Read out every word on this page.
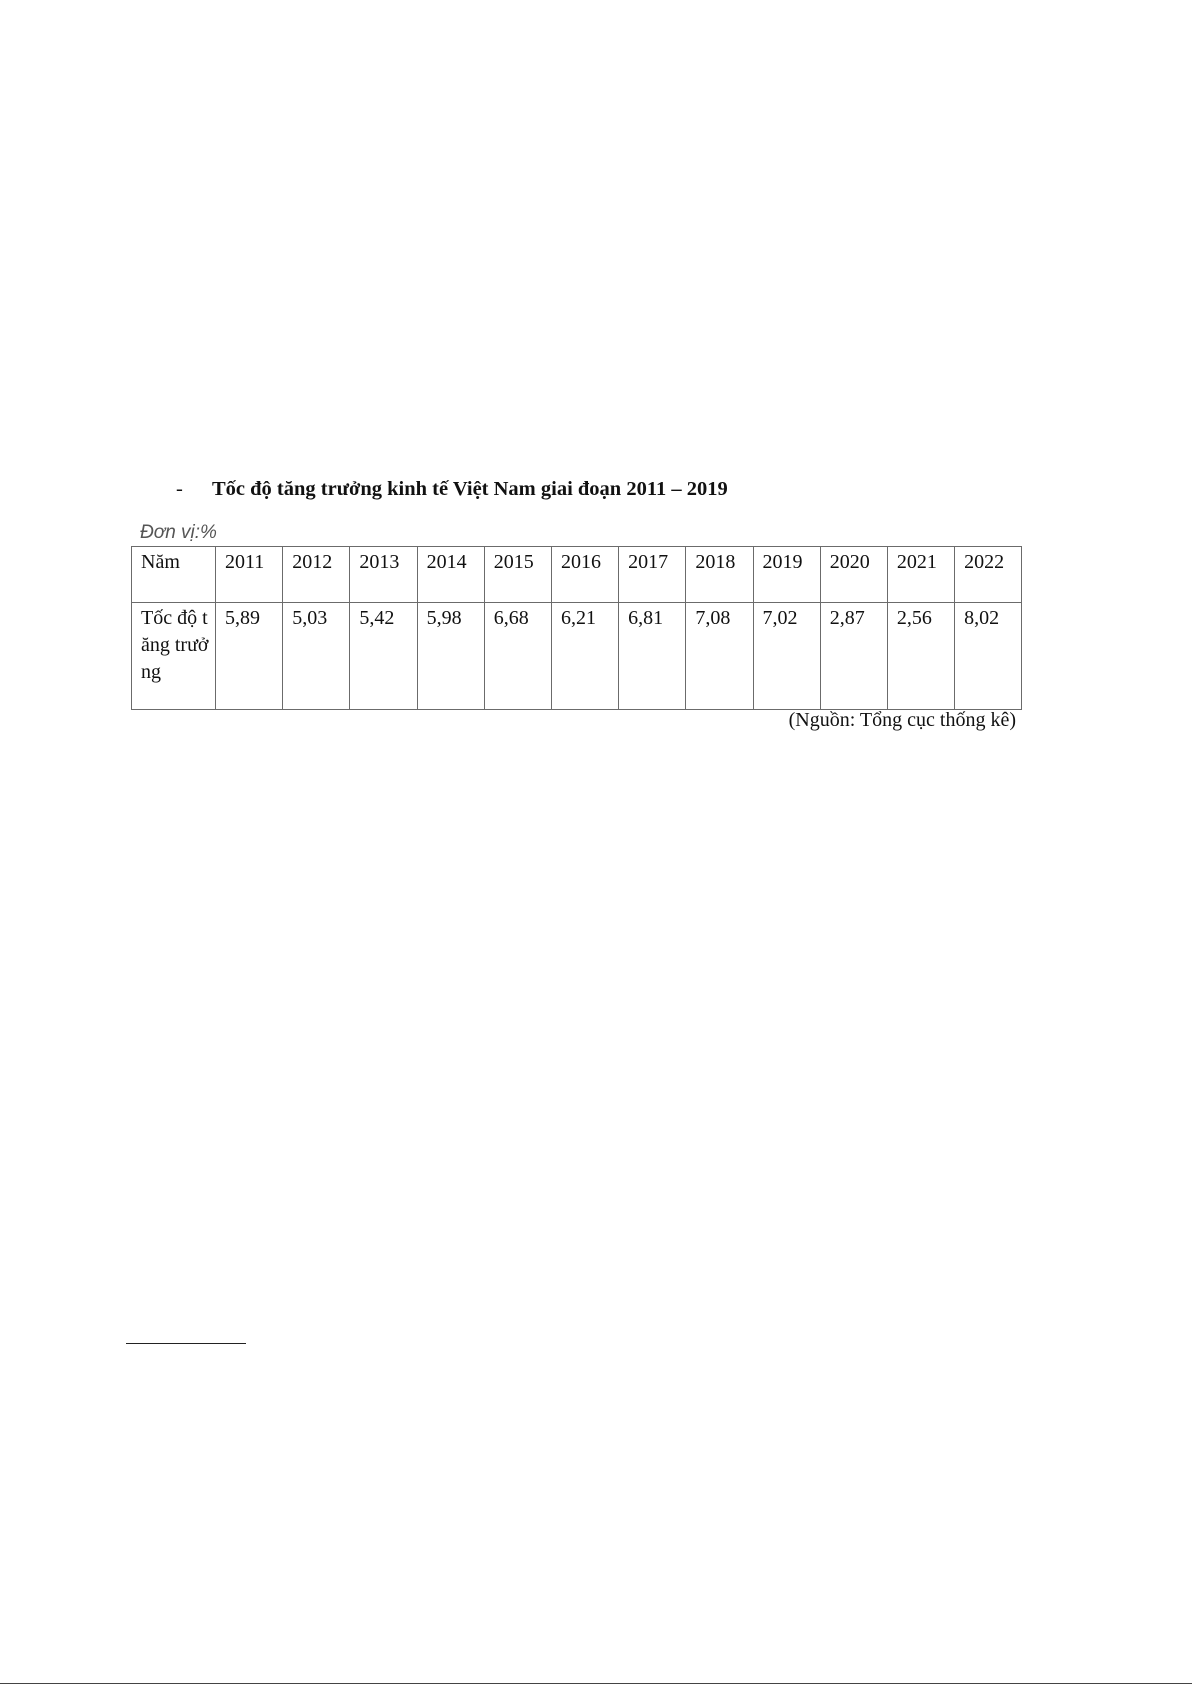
- Tốc độ tăng trưởng kinh tế Việt Nam giai đoạn 2011 – 2019
Đơn vị:%
Năm	2011	2012	2013	2014	2015	2016	2017	2018	2019	2020	2021	2022
Tốc độ tăng trưởng	5,89	5,03	5,42	5,98	6,68	6,21	6,81	7,08	7,02	2,87	2,56	8,02
(Nguồn: Tổng cục thống kê)
